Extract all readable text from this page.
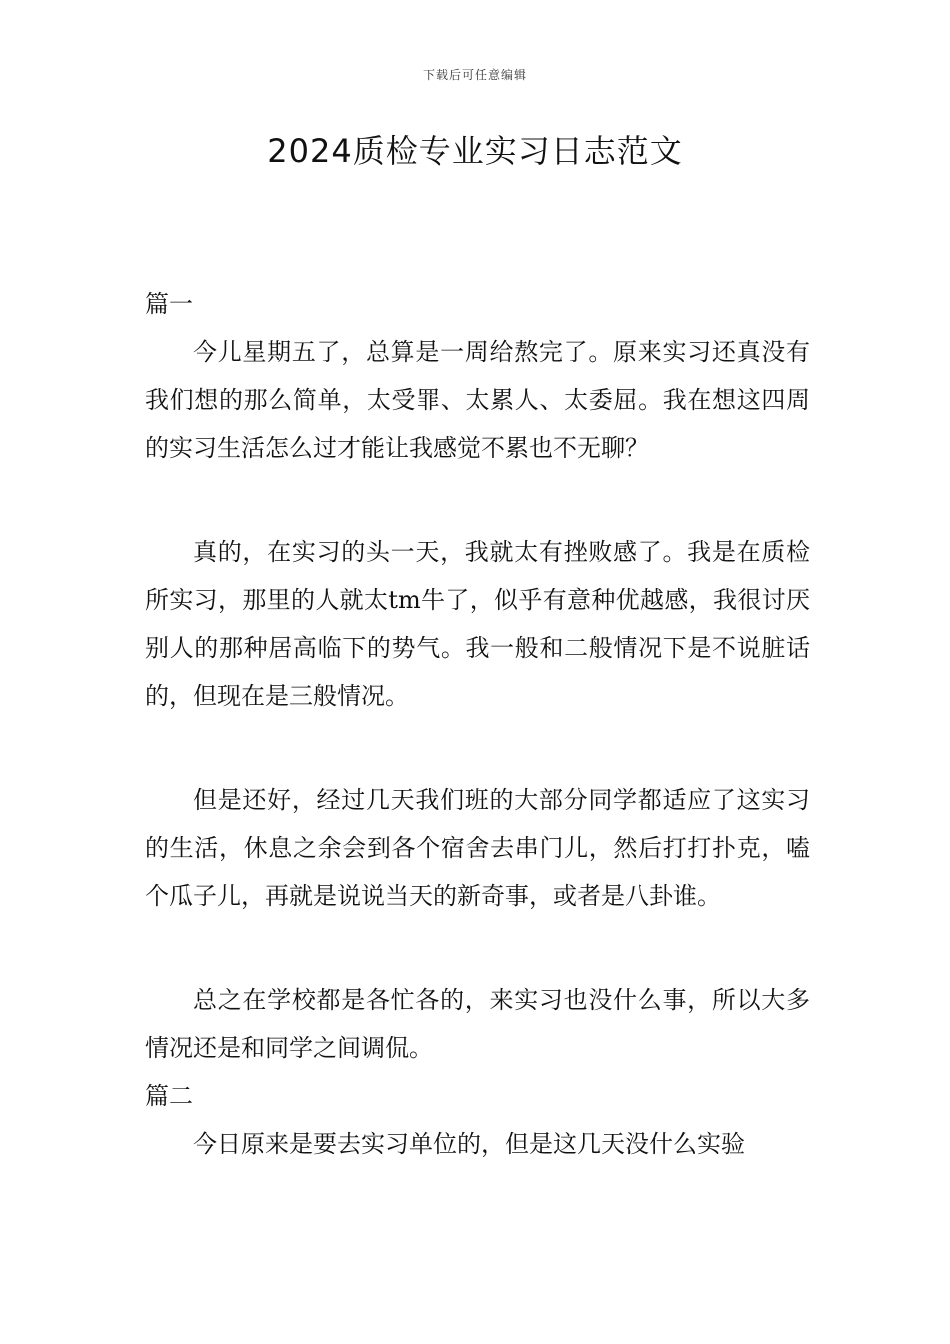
下载后可任意编辑
2024质检专业实习日志范文

篇一

今儿星期五了，总算是一周给熬完了。原来实习还真没有我们想的那么简单，太受罪、太累人、太委屈。我在想这四周的实习生活怎么过才能让我感觉不累也不无聊？

真的，在实习的头一天，我就太有挫败感了。我是在质检所实习，那里的人就太tm牛了，似乎有意种优越感，我很讨厌别人的那种居高临下的势气。我一般和二般情况下是不说脏话的，但现在是三般情况。

但是还好，经过几天我们班的大部分同学都适应了这实习的生活，休息之余会到各个宿舍去串门儿，然后打打扑克，嗑个瓜子儿，再就是说说当天的新奇事，或者是八卦谁。

总之在学校都是各忙各的，来实习也没什么事，所以大多情况还是和同学之间调侃。

篇二

今日原来是要去实习单位的，但是这几天没什么实验
